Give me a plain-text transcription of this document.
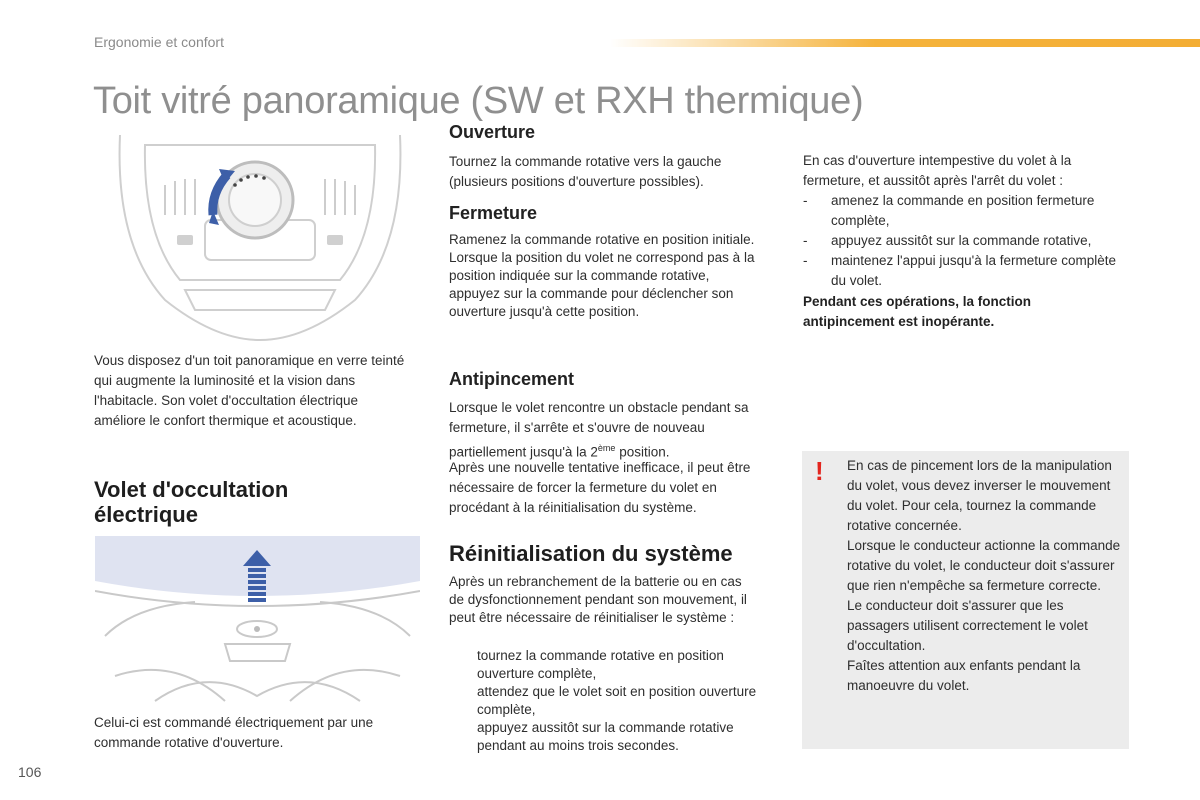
Ergonomie et confort
Toit vitré panoramique (SW et RXH thermique)

Vous disposez d'un toit panoramique en verre teinté qui augmente la luminosité et la vision dans l'habitacle. Son volet d'occultation électrique améliore le confort thermique et acoustique.

Volet d'occultation électrique

Celui-ci est commandé électriquement par une commande rotative d'ouverture.

Ouverture

Tournez la commande rotative vers la gauche (plusieurs positions d'ouverture possibles).

Fermeture

Ramenez la commande rotative en position initiale.
Lorsque la position du volet ne correspond pas à la position indiquée sur la commande rotative, appuyez sur la commande pour déclencher son ouverture jusqu'à cette position.

Antipincement

Lorsque le volet rencontre un obstacle pendant sa fermeture, il s'arrête et s'ouvre de nouveau partiellement jusqu'à la 2ème position.

Après une nouvelle tentative inefficace, il peut être nécessaire de forcer la fermeture du volet en procédant à la réinitialisation du système.

Réinitialisation du système

Après un rebranchement de la batterie ou en cas de dysfonctionnement pendant son mouvement, il peut être nécessaire de réinitialiser le système :

tournez la commande rotative en position ouverture complète,
attendez que le volet soit en position ouverture complète,
appuyez aussitôt sur la commande rotative pendant au moins trois secondes.

En cas d'ouverture intempestive du volet à la fermeture, et aussitôt après l'arrêt du volet :

- amenez la commande en position fermeture complète,
- appuyez aussitôt sur la commande rotative,
- maintenez l'appui jusqu'à la fermeture complète du volet.

Pendant ces opérations, la fonction antipincement est inopérante.

! En cas de pincement lors de la manipulation du volet, vous devez inverser le mouvement du volet. Pour cela, tournez la commande rotative concernée.

Lorsque le conducteur actionne la commande rotative du volet, le conducteur doit s'assurer que rien n'empêche sa fermeture correcte.

Le conducteur doit s'assurer que les passagers utilisent correctement le volet d'occultation.

Faîtes attention aux enfants pendant la manoeuvre du volet.

106
